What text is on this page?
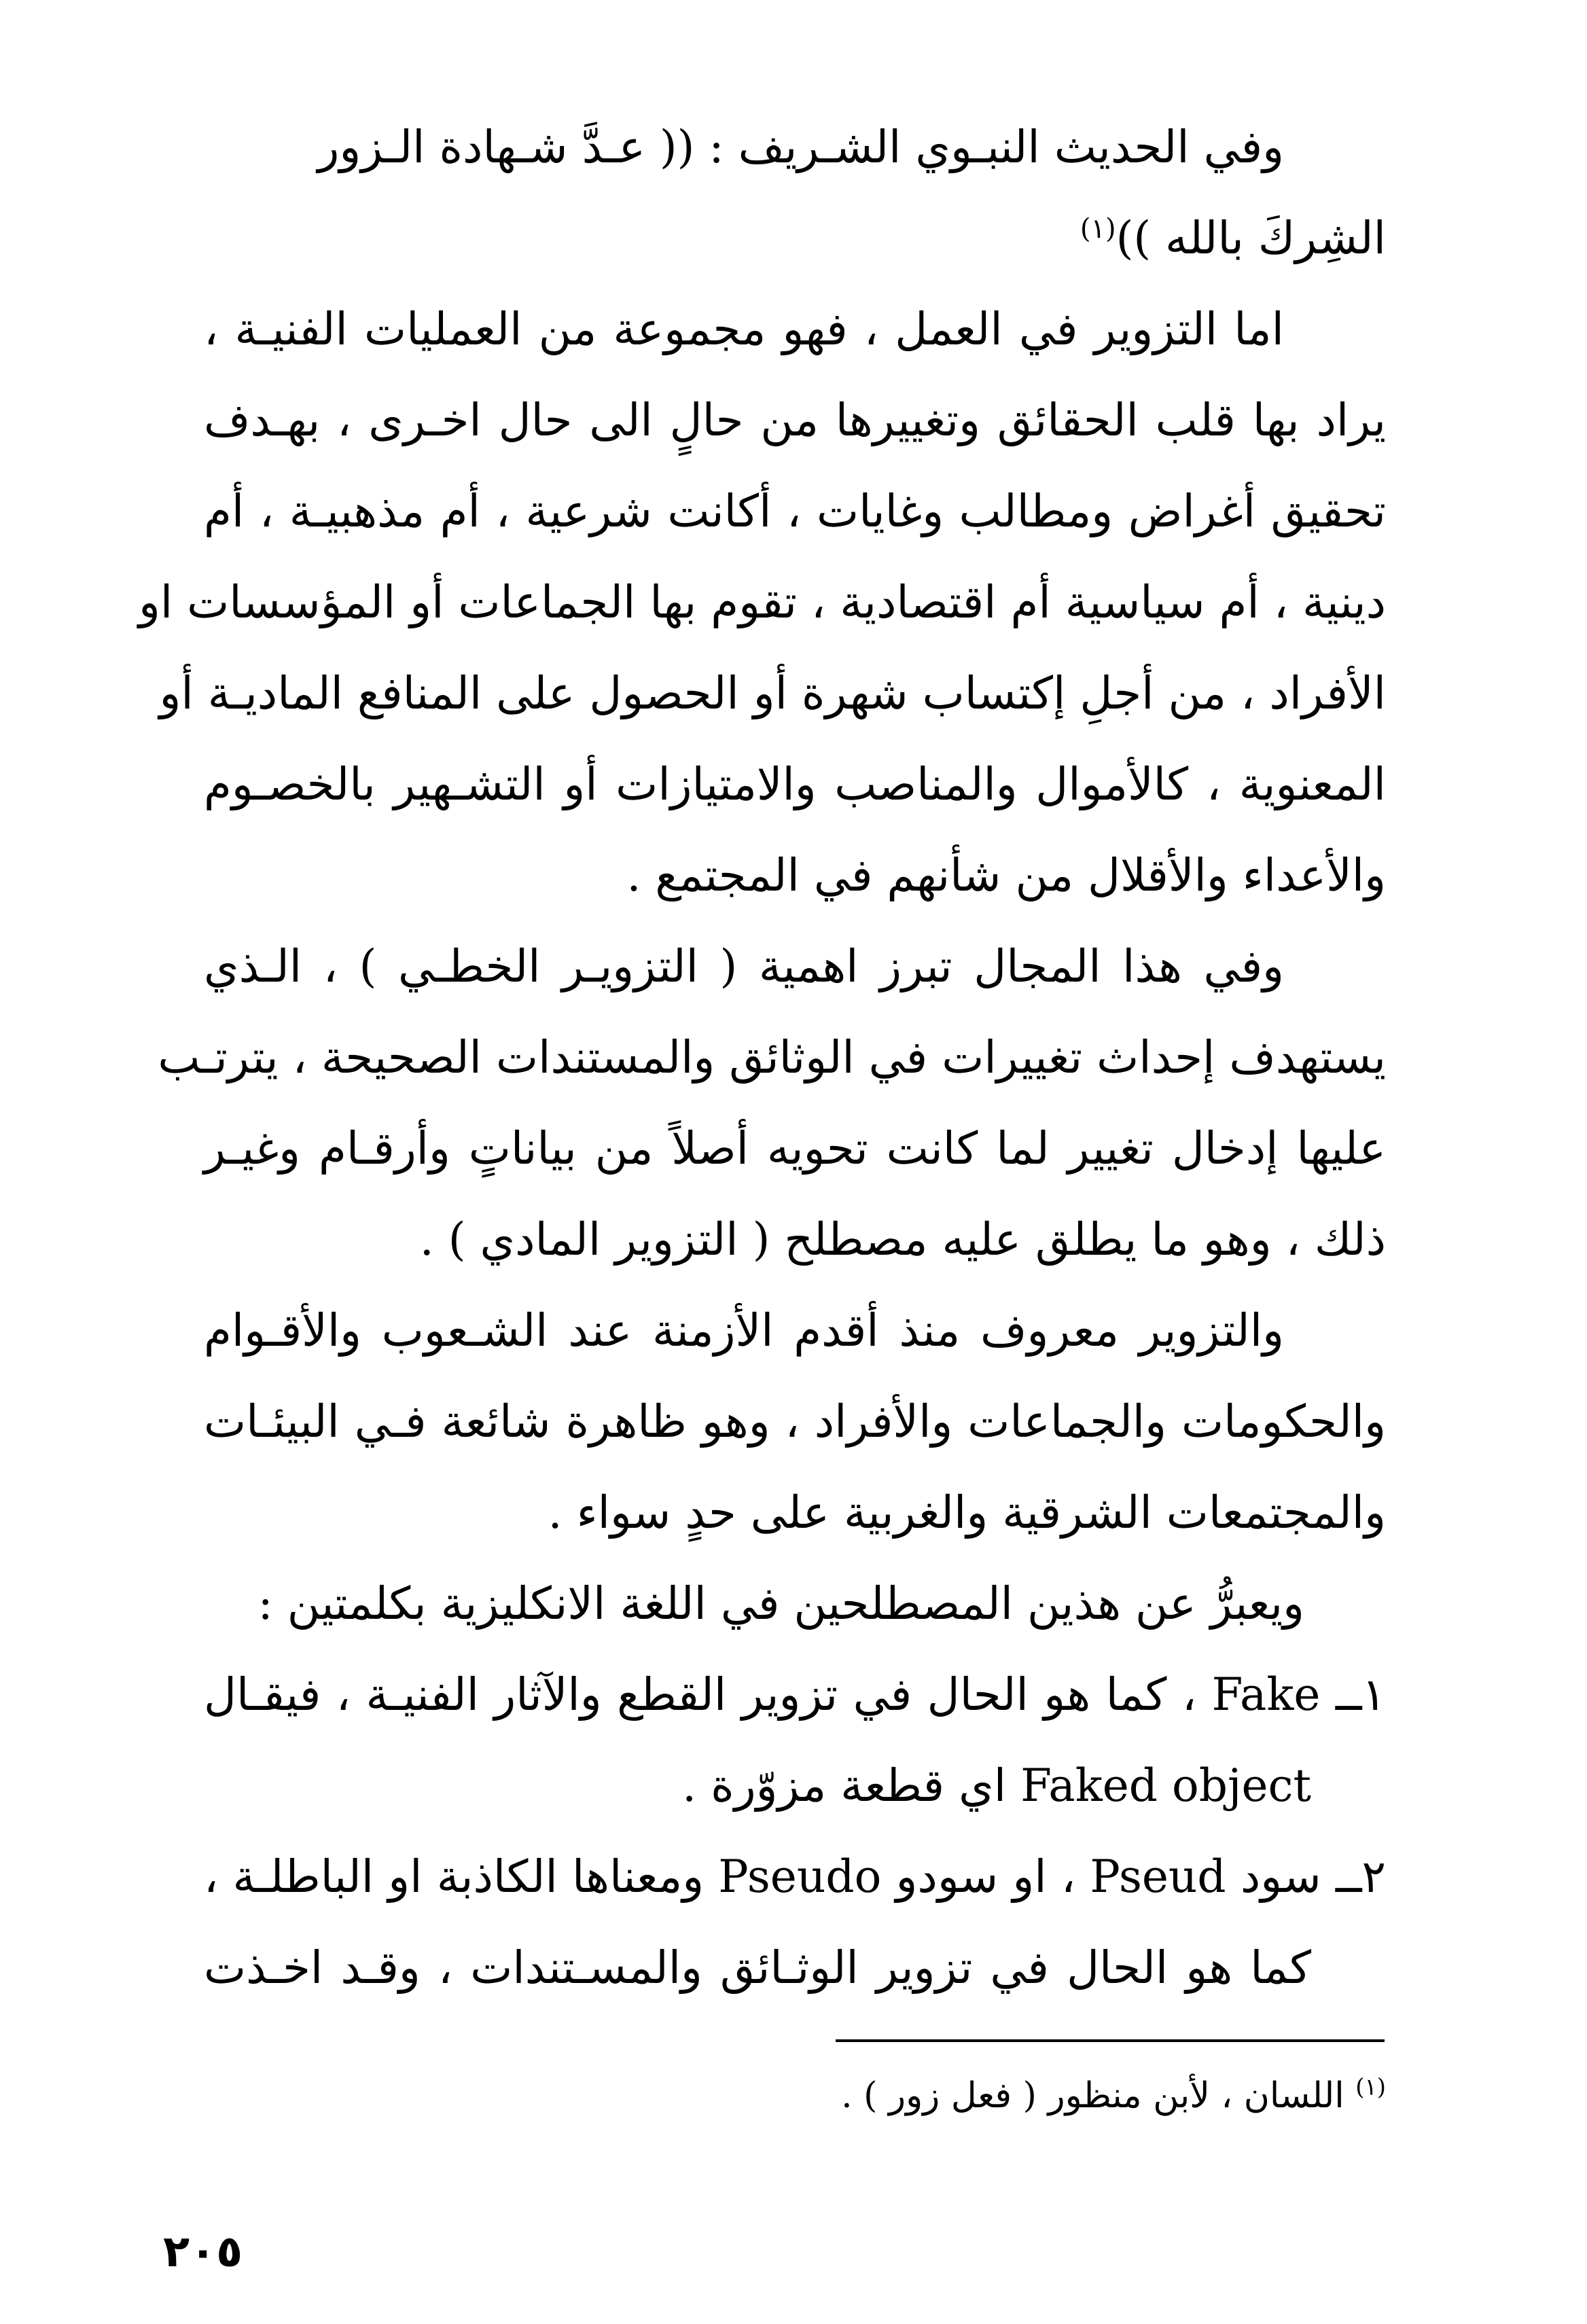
وفي الحديث النبـوي الشـريف : (( عـدَّ شـهادة الـزور
الشِركَ بالله ))$^{(١)}$
اما التزوير في العمل ، فهو مجموعة من العمليات الفنيـة ،
يراد بها قلب الحقائق وتغييرها من حالٍ الى حال اخـرى ، بهـدف
تحقيق أغراض ومطالب وغايات ، أكانت شرعية ، أم مذهبيـة ، أم
دينية ، أم سياسية أم اقتصادية ، تقوم بها الجماعات أو المؤسسات او
الأفراد ، من أجلِ إكتساب شهرة أو الحصول على المنافع الماديـة أو
المعنوية ، كالأموال والمناصب والامتيازات أو التشـهير بالخصـوم
والأعداء والأقلال من شأنهم في المجتمع .
وفي هذا المجال تبرز اهمية ( التزويـر الخطـي ) ، الـذي
يستهدف إحداث تغييرات في الوثائق والمستندات الصحيحة ، يترتـب
عليها إدخال تغيير لما كانت تحويه أصلاً من بياناتٍ وأرقـام وغيـر
ذلك ، وهو ما يطلق عليه مصطلح ( التزوير المادي ) .
والتزوير معروف منذ أقدم الأزمنة عند الشـعوب والأقـوام
والحكومات والجماعات والأفراد ، وهو ظاهرة شائعة فـي البيئـات
والمجتمعات الشرقية والغربية على حدٍ سواء .
ويعبرُّ عن هذين المصطلحين في اللغة الانكليزية بكلمتين :
١ــ Fake ، كما هو الحال في تزوير القطع والآثار الفنيـة ، فيقـال
Faked object اي قطعة مزوّرة .
٢ــ سود Pseud ، او سودو Pseudo ومعناها الكاذبة او الباطلـة ،
كما هو الحال في تزوير الوثـائق والمسـتندات ، وقـد اخـذت
$^{(١)}$ اللسان ، لأبن منظور ( فعل زور ) .
٢٠٥
